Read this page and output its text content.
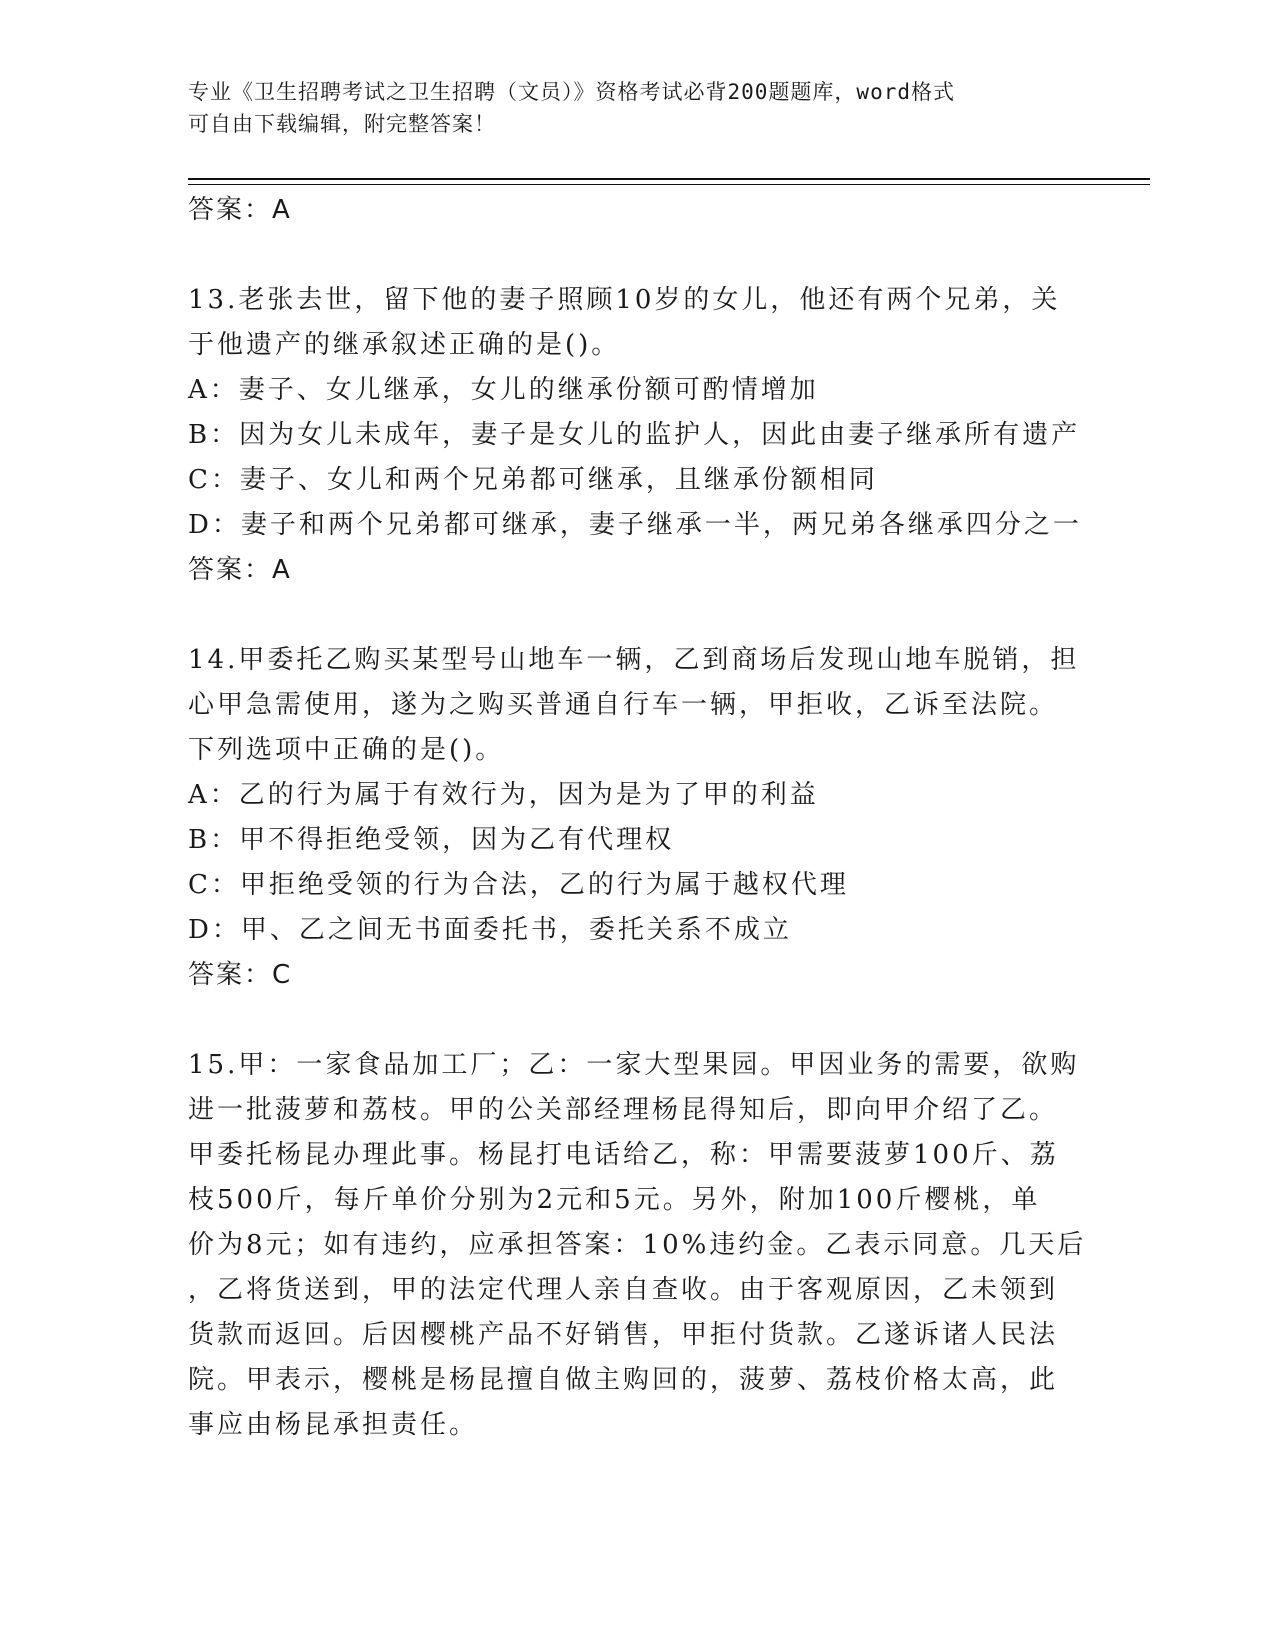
专业《卫生招聘考试之卫生招聘（文员）》资格考试必背200题题库，word格式
可自由下载编辑，附完整答案！
答案：A
13.老张去世，留下他的妻子照顾10岁的女儿，他还有两个兄弟，关
于他遗产的继承叙述正确的是()。
A：妻子、女儿继承，女儿的继承份额可酌情增加
B：因为女儿未成年，妻子是女儿的监护人，因此由妻子继承所有遗产
C：妻子、女儿和两个兄弟都可继承，且继承份额相同
D：妻子和两个兄弟都可继承，妻子继承一半，两兄弟各继承四分之一
答案：A
14.甲委托乙购买某型号山地车一辆，乙到商场后发现山地车脱销，担
心甲急需使用，遂为之购买普通自行车一辆，甲拒收，乙诉至法院。
下列选项中正确的是()。
A：乙的行为属于有效行为，因为是为了甲的利益
B：甲不得拒绝受领，因为乙有代理权
C：甲拒绝受领的行为合法，乙的行为属于越权代理
D：甲、乙之间无书面委托书，委托关系不成立
答案：C
15.甲：一家食品加工厂；乙：一家大型果园。甲因业务的需要，欲购
进一批菠萝和荔枝。甲的公关部经理杨昆得知后，即向甲介绍了乙。
甲委托杨昆办理此事。杨昆打电话给乙，称：甲需要菠萝100斤、荔
枝500斤，每斤单价分别为2元和5元。另外，附加100斤樱桃，单
价为8元；如有违约，应承担答案：10%违约金。乙表示同意。几天后
，乙将货送到，甲的法定代理人亲自查收。由于客观原因，乙未领到
货款而返回。后因樱桃产品不好销售，甲拒付货款。乙遂诉诸人民法
院。甲表示，樱桃是杨昆擅自做主购回的，菠萝、荔枝价格太高，此
事应由杨昆承担责任。
